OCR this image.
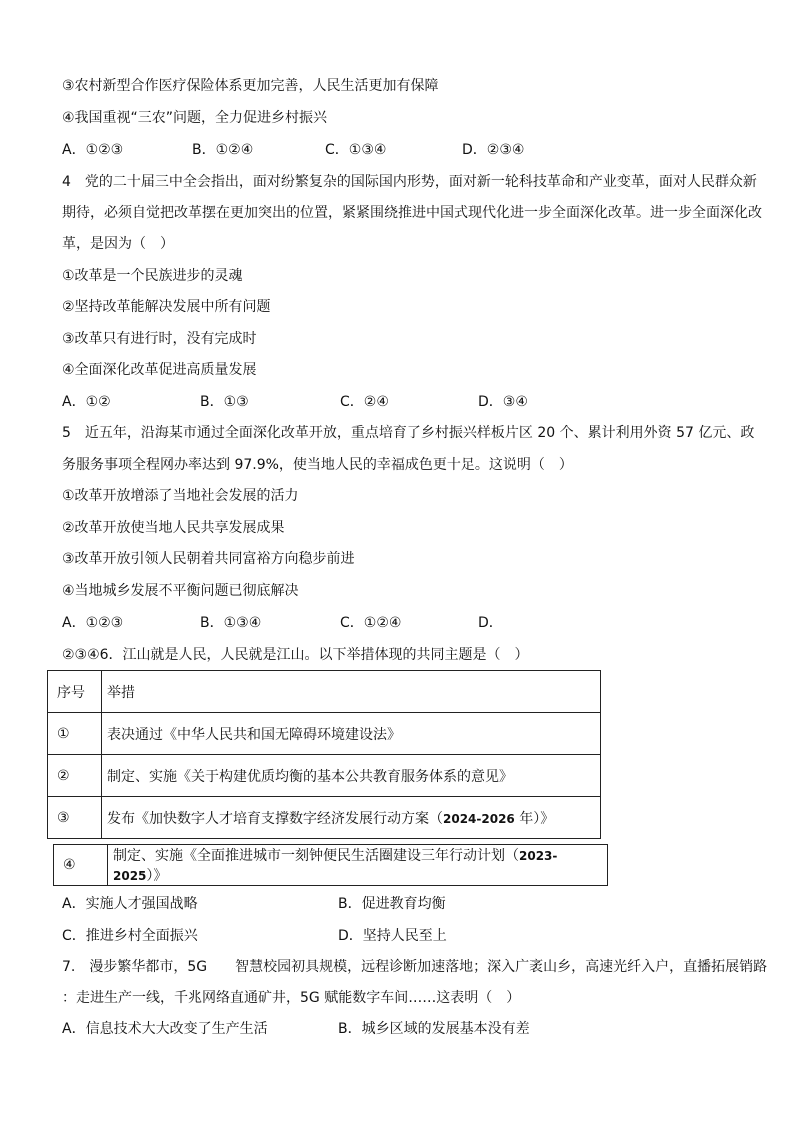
③农村新型合作医疗保险体系更加完善，人民生活更加有保障
④我国重视“三农”问题，全力促进乡村振兴
A．①②③	B．①②④	C．①③④	D．②③④
4　党的二十届三中全会指出，面对纷繁复杂的国际国内形势，面对新一轮科技革命和产业变革，面对人民群众新
期待，必须自觉把改革摆在更加突出的位置，紧紧围绕推进中国式现代化进一步全面深化改革。进一步全面深化改
革，是因为（　）
①改革是一个民族进步的灵魂
②坚持改革能解决发展中所有问题
③改革只有进行时，没有完成时
④全面深化改革促进高质量发展
A．①②	B．①③	C．②④	D．③④
5　近五年，沿海某市通过全面深化改革开放，重点培育了乡村振兴样板片区 20 个、累计利用外资 57 亿元、政
务服务事项全程网办率达到 97.9%，使当地人民的幸福成色更十足。这说明（　）
①改革开放增添了当地社会发展的活力
②改革开放使当地人民共享发展成果
③改革开放引领人民朝着共同富裕方向稳步前进
④当地城乡发展不平衡问题已彻底解决
A．①②③	B．①③④	C．①②④	D．
②③④6．江山就是人民，人民就是江山。以下举措体现的共同主题是（　）
序号	举措
①	表决通过《中华人民共和国无障碍环境建设法》
②	制定、实施《关于构建优质均衡的基本公共教育服务体系的意见》
③	发布《加快数字人才培育支撑数字经济发展行动方案（2024-2026 年）》
④	制定、实施《全面推进城市一刻钟便民生活圈建设三年行动计划（2023-2025）》
A．实施人才强国战略	B．促进教育均衡
C．推进乡村全面振兴	D．坚持人民至上
7.　漫步繁华都市，5G　　智慧校园初具规模，远程诊断加速落地；深入广袤山乡，高速光纤入户，直播拓展销路
：走进生产一线，千兆网络直通矿井，5G 赋能数字车间……这表明（　）
A．信息技术大大改变了生产生活	B．城乡区域的发展基本没有差
